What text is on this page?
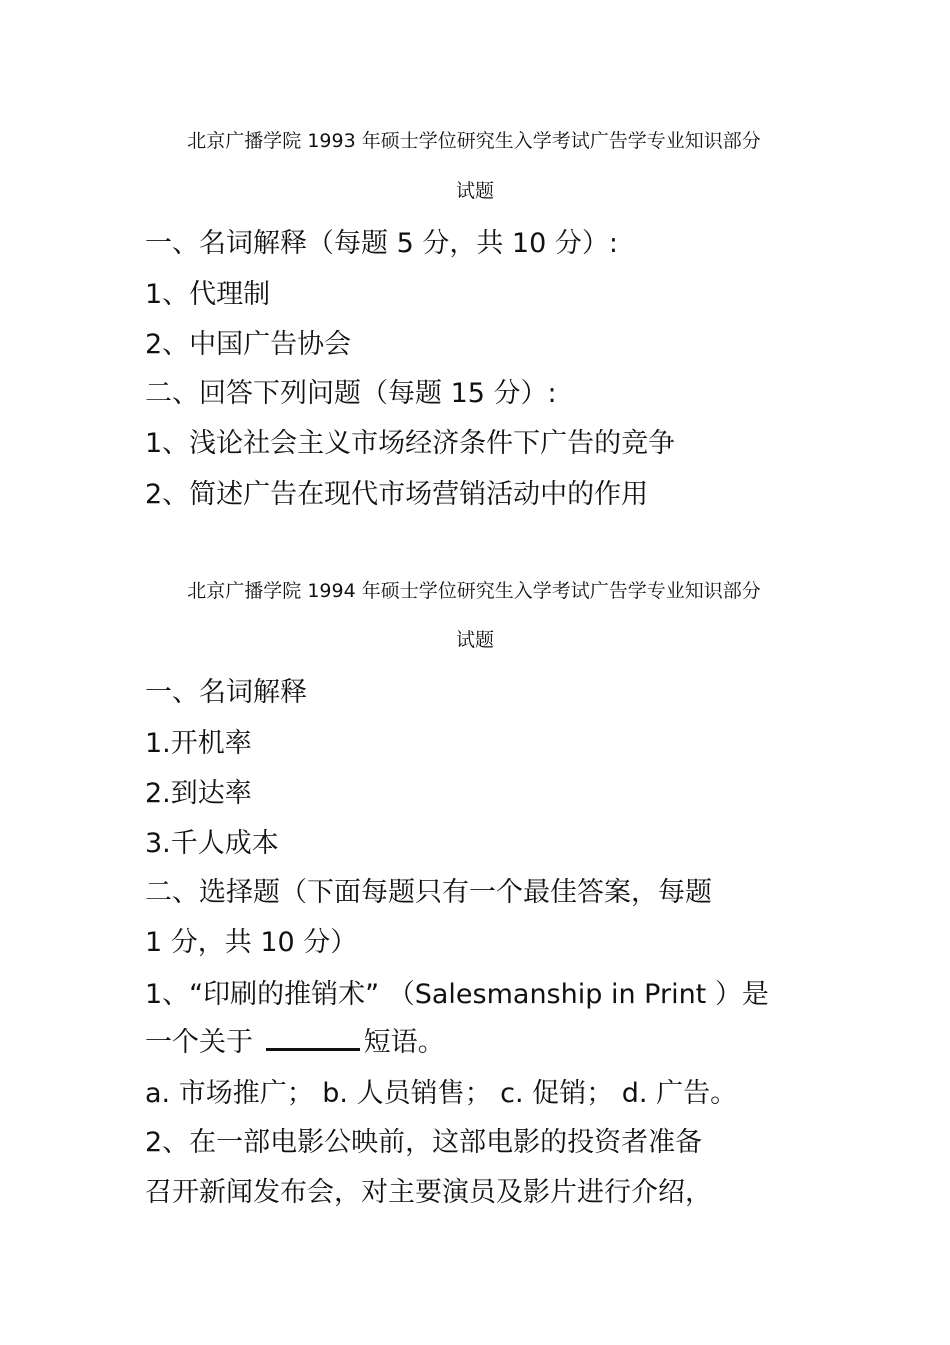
北京广播学院 1993 年硕士学位研究生入学考试广告学专业知识部分
试题
一、名词解释（每题 5 分，共 10 分）:
1、代理制
2、中国广告协会
二、回答下列问题（每题 15 分）:
1、浅论社会主义市场经济条件下广告的竞争
2、简述广告在现代市场营销活动中的作用
北京广播学院 1994 年硕士学位研究生入学考试广告学专业知识部分
试题
一、名词解释
1.开机率
2.到达率
3.千人成本
二、选择题（下面每题只有一个最佳答案，每题
1 分，共 10 分）
1、“印刷的推销术” （Salesmanship in Print ）是
一个关于	短语。
a. 市场推广； b. 人员销售； c. 促销； d. 广告。
2、在一部电影公映前，这部电影的投资者准备
召开新闻发布会，对主要演员及影片进行介绍，
